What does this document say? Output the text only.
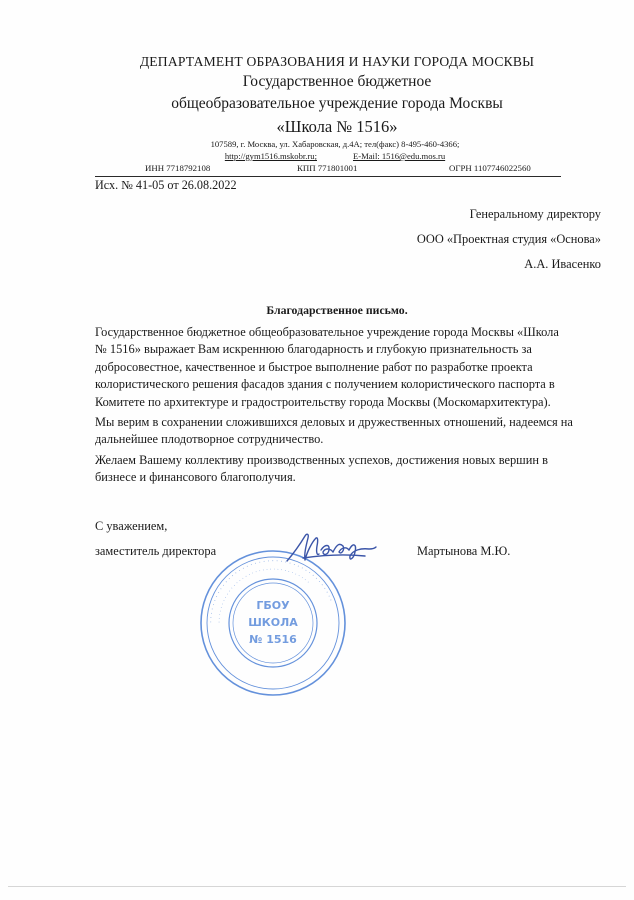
ДЕПАРТАМЕНТ ОБРАЗОВАНИЯ И НАУКИ ГОРОДА МОСКВЫ
Государственное бюджетное
общеобразовательное учреждение города Москвы
«Школа № 1516»
107589, г. Москва, ул. Хабаровская, д.4А; тел(факс) 8-495-460-4366;
http://gym1516.mskobr.ru;	E-Mail: 1516@edu.mos.ru
ИНН 7718792108	КПП 771801001	ОГРН 1107746022560
Исх. № 41-05 от 26.08.2022
Генеральному директору
ООО «Проектная студия «Основа»
А.А. Ивасенко
Благодарственное письмо.

Государственное бюджетное общеобразовательное учреждение города Москвы «Школа
№ 1516» выражает Вам искреннюю благодарность и глубокую признательность за
добросовестное, качественное и быстрое выполнение работ по разработке проекта
колористического решения фасадов здания с получением колористического паспорта в
Комитете по архитектуре и градостроительству города Москвы (Москомархитектура).

Мы верим в сохранении сложившихся деловых и дружественных отношений, надеемся на
дальнейшее плодотворное сотрудничество.

Желаем Вашему коллективу производственных успехов, достижения новых вершин в
бизнесе и финансового благополучия.

С уважением,
заместитель директора	Мартынова М.Ю.
· · · · · · · · · · · · · · · · · · · · · · · · · · · · · · · · · · · · · · · ·
· · · · · · · · · · · · · · · · · · · · · · · · · · · · · · · · · ·
ГБОУ
ШКОЛА
№ 1516
